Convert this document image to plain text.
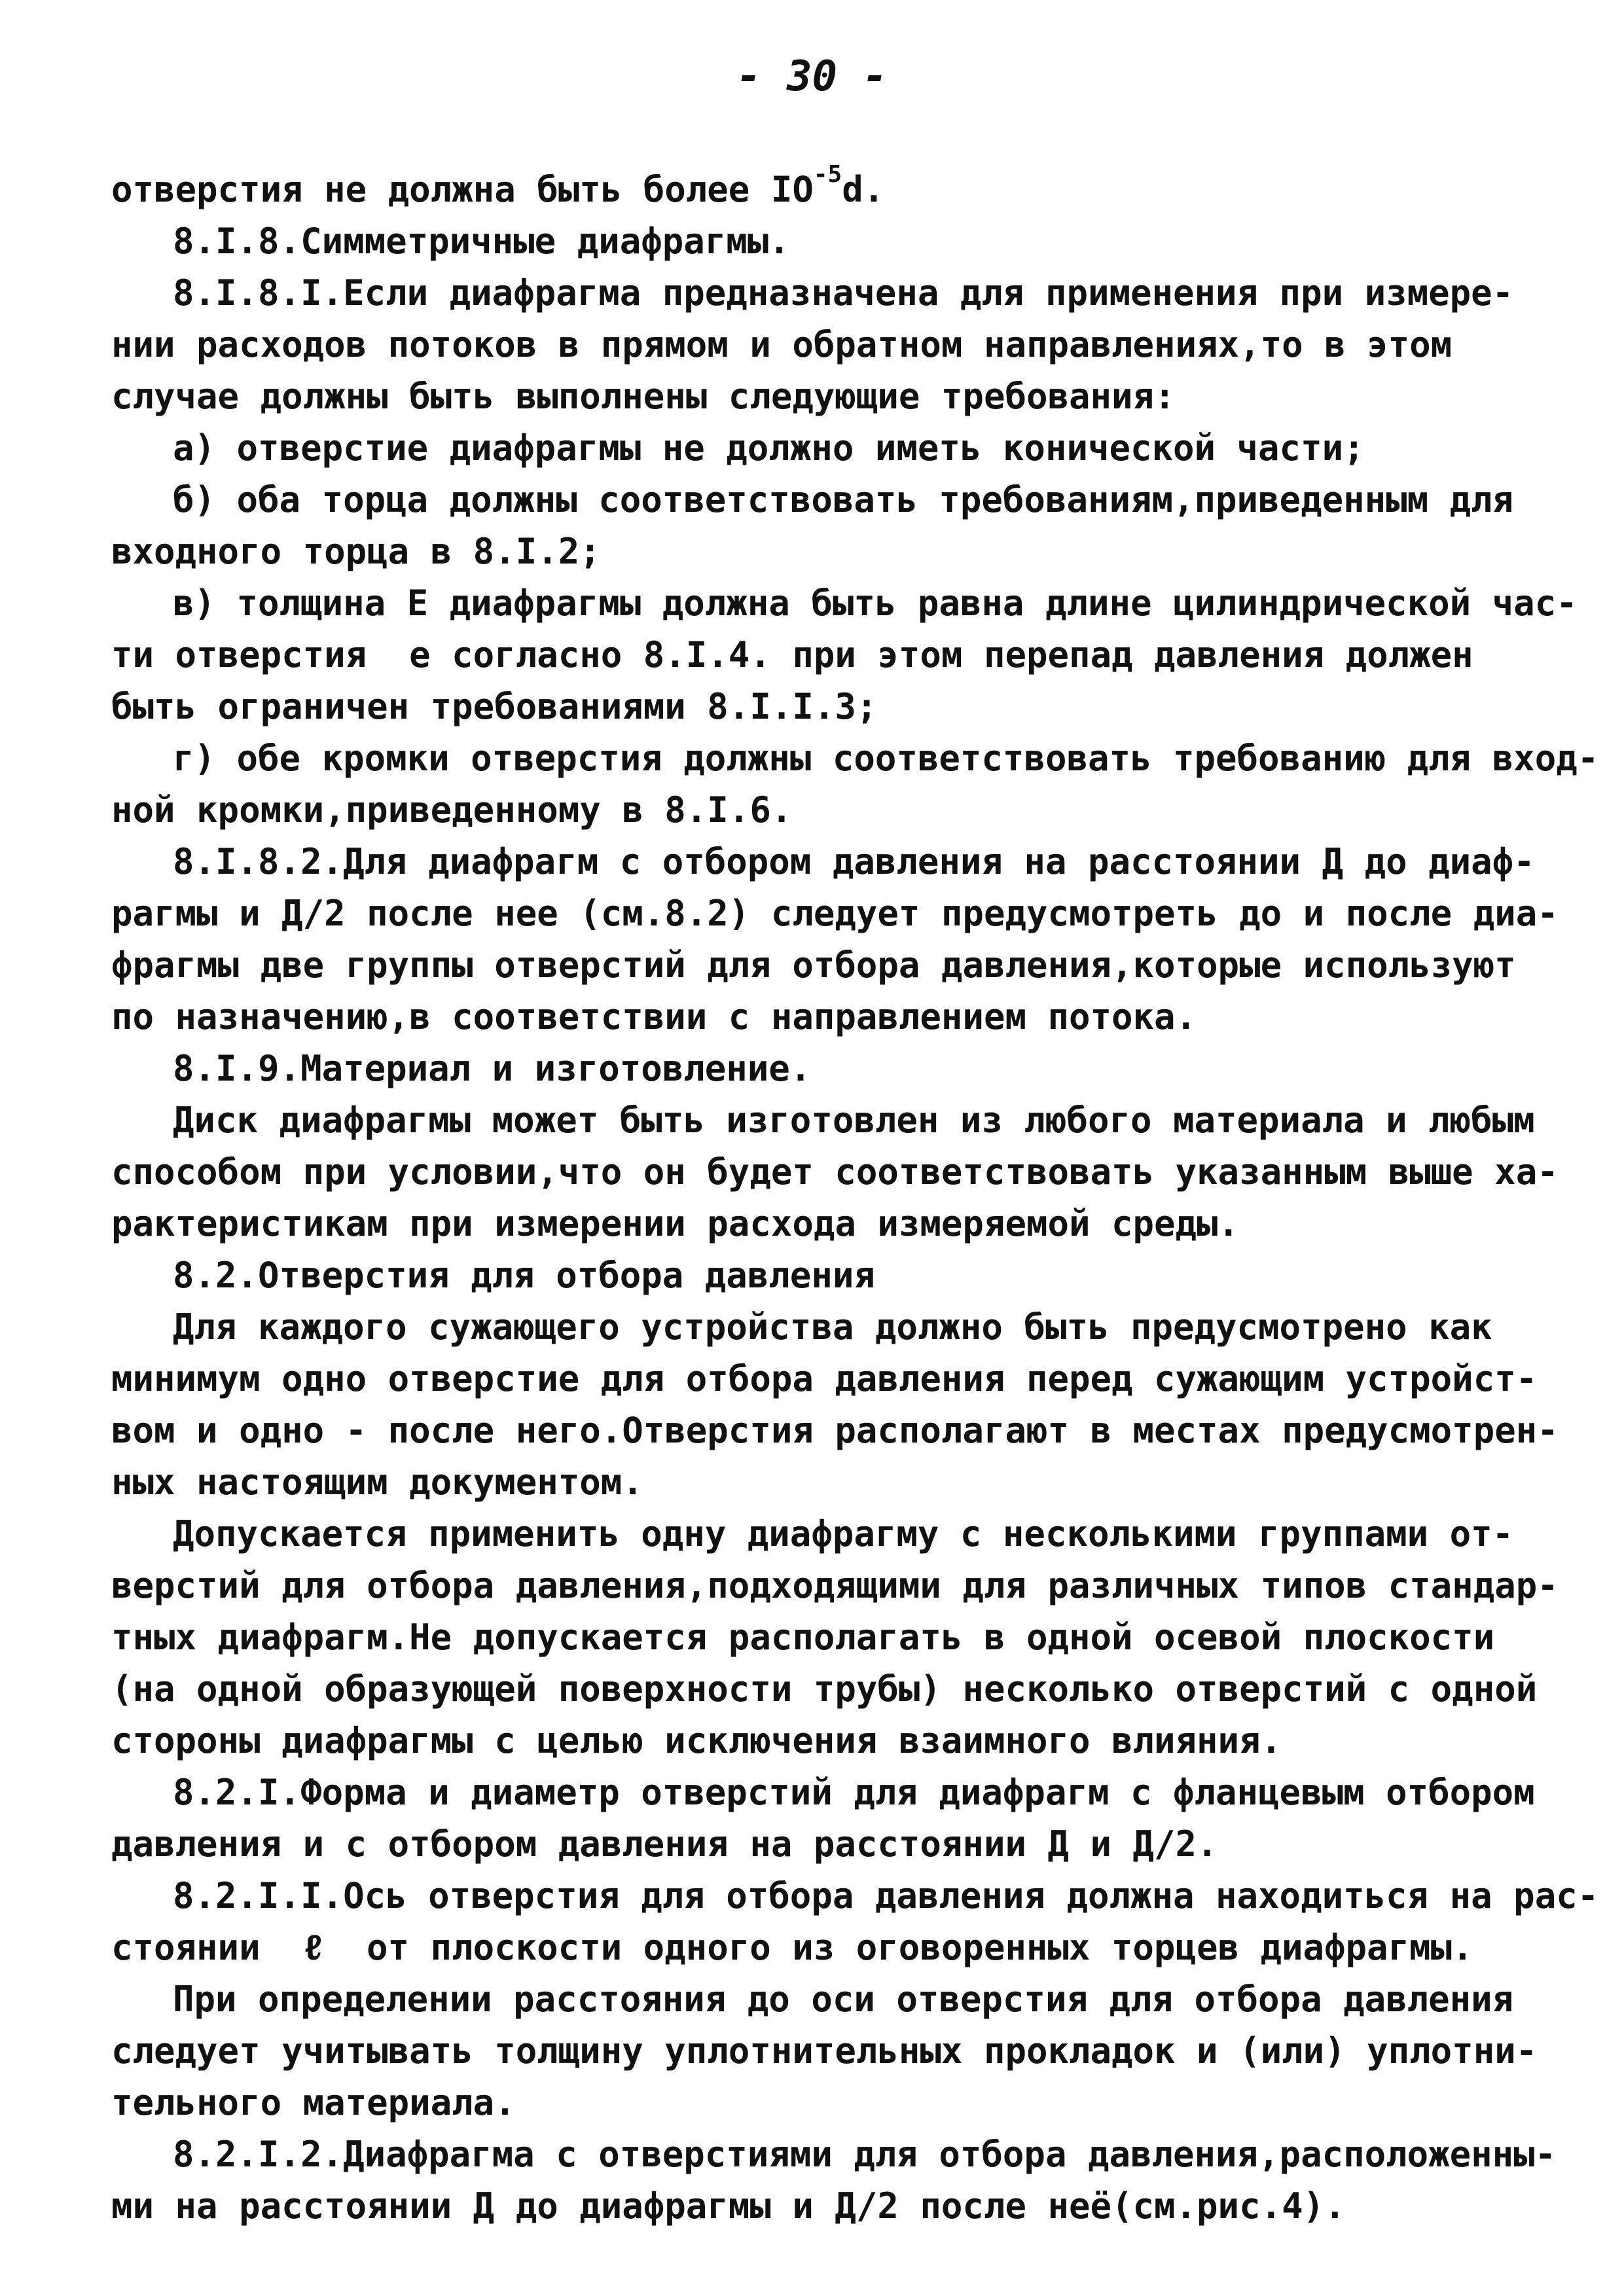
- 30 -

отверстия не должна быть более $IO^{-5}d$.

8.I.8.Симметричные диафрагмы.

8.I.8.I.Если диафрагма предназначена для применения при измере-

нии расходов потоков в прямом и обратном направлениях,то в этом

случае должны быть выполнены следующие требования:

а) отверстие диафрагмы не должно иметь конической части;

б) оба торца должны соответствовать требованиям,приведенным для

входного торца в 8.I.2;

в) толщина E диафрагмы должна быть равна длине цилиндрической час-

ти отверстия  e согласно 8.I.4. при этом перепад давления должен

быть ограничен требованиями 8.I.I.3;

г) обе кромки отверстия должны соответствовать требованию для вход-

ной кромки,приведенному в 8.I.6.

8.I.8.2.Для диафрагм с отбором давления на расстоянии Д до диаф-

рагмы и Д/2 после нее (см.8.2) следует предусмотреть до и после диа-

фрагмы две группы отверстий для отбора давления,которые используют

по назначению,в соответствии с направлением потока.

8.I.9.Материал и изготовление.

Диск диафрагмы может быть изготовлен из любого материала и любым

способом при условии,что он будет соответствовать указанным выше ха-

рактеристикам при измерении расхода измеряемой среды.

8.2.Отверстия для отбора давления

Для каждого сужающего устройства должно быть предусмотрено как

минимум одно отверстие для отбора давления перед сужающим устройст-

вом и одно - после него.Отверстия располагают в местах предусмотрен-

ных настоящим документом.

Допускается применить одну диафрагму с несколькими группами от-

верстий для отбора давления,подходящими для различных типов стандар-

тных диафрагм.Не допускается располагать в одной осевой плоскости

(на одной образующей поверхности трубы) несколько отверстий с одной

стороны диафрагмы с целью исключения взаимного влияния.

8.2.I.Форма и диаметр отверстий для диафрагм с фланцевым отбором

давления и с отбором давления на расстоянии Д и Д/2.

8.2.I.I.Ось отверстия для отбора давления должна находиться на рас-

стоянии  ℓ  от плоскости одного из оговоренных торцев диафрагмы.

При определении расстояния до оси отверстия для отбора давления

следует учитывать толщину уплотнительных прокладок и (или) уплотни-

тельного материала.

8.2.I.2.Диафрагма с отверстиями для отбора давления,расположенны-

ми на расстоянии Д до диафрагмы и Д/2 после неё(см.рис.4).
